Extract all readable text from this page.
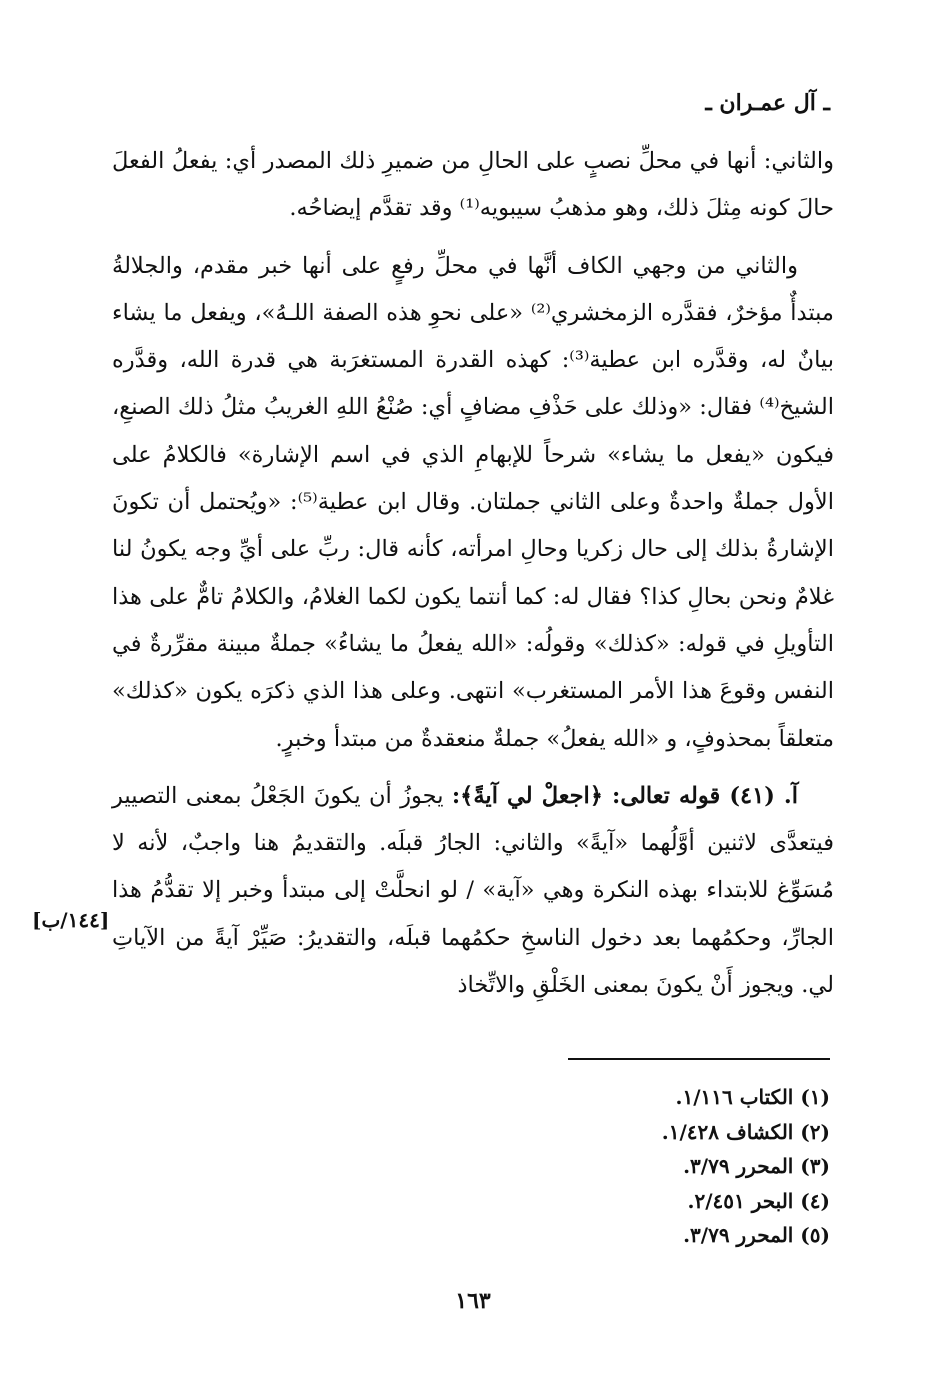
ـ آل عمـران ـ

والثاني: أنها في محلِّ نصبٍ على الحالِ من ضميرِ ذلك المصدر أي: يفعلُ الفعلَ حالَ كونه مِثلَ ذلك، وهو مذهبُ سيبويه⁽¹⁾ وقد تقدَّم إيضاحُه.

والثاني من وجهي الكاف أنَّها في محلِّ رفعٍ على أنها خبر مقدم، والجلالةُ مبتدأٌ مؤخرٌ، فقدَّره الزمخشري⁽²⁾ «على نحوِ هذه الصفة اللـهُ»، ويفعل ما يشاء بيانٌ له، وقدَّره ابن عطية⁽³⁾: كهذه القدرة المستغرَبة هي قدرة الله، وقدَّره الشيخ⁽⁴⁾ فقال: «وذلك على حَذْفِ مضافٍ أي: صُنْعُ اللهِ الغريبُ مثلُ ذلك الصنعِ، فيكون «يفعل ما يشاء» شرحاً للإبهامِ الذي في اسم الإشارة» فالكلامُ على الأول جملةٌ واحدةٌ وعلى الثاني جملتان. وقال ابن عطية⁽⁵⁾: «ويُحتمل أن تكونَ الإشارةُ بذلك إلى حال زكريا وحالِ امرأته، كأنه قال: ربِّ على أيِّ وجه يكونُ لنا غلامٌ ونحن بحالِ كذا؟ فقال له: كما أنتما يكون لكما الغلامُ، والكلامُ تامٌّ على هذا التأويلِ في قوله: «كذلك» وقولُه: «الله يفعلُ ما يشاءُ» جملةٌ مبينة مقرِّرةٌ في النفس وقوعَ هذا الأمر المستغرب» انتهى. وعلى هذا الذي ذكرَه يكون «كذلك» متعلقاً بمحذوفٍ، و «الله يفعلُ» جملةٌ منعقدةٌ من مبتدأ وخبرٍ.

آ. (٤١) قوله تعالى: ﴿اجعلْ لي آيةً﴾: يجوزُ أن يكونَ الجَعْلُ بمعنى التصيير فيتعدَّى لاثنين أوَّلُهما «آيةً» والثاني: الجارُ قبلَه. والتقديمُ هنا واجبٌ، لأنه لا مُسَوِّغ للابتداء بهذه النكرة وهي «آية» / لو انحلَّتْ إلى مبتدأ وخبر إلا تقدُّمُ هذا الجارِّ، وحكمُهما بعد دخول الناسخِ حكمُهما قبلَه، والتقديرُ: صَيِّرْ آيةً من الآياتِ لي. ويجوز أَنْ يكونَ بمعنى الخَلْقِ والاتِّخاذ

[١٤٤/ب]
(١) الكتاب ١/١١٦.
(٢) الكشاف ١/٤٢٨.
(٣) المحرر ٣/٧٩.
(٤) البحر ٢/٤٥١.
(٥) المحرر ٣/٧٩.
١٦٣
